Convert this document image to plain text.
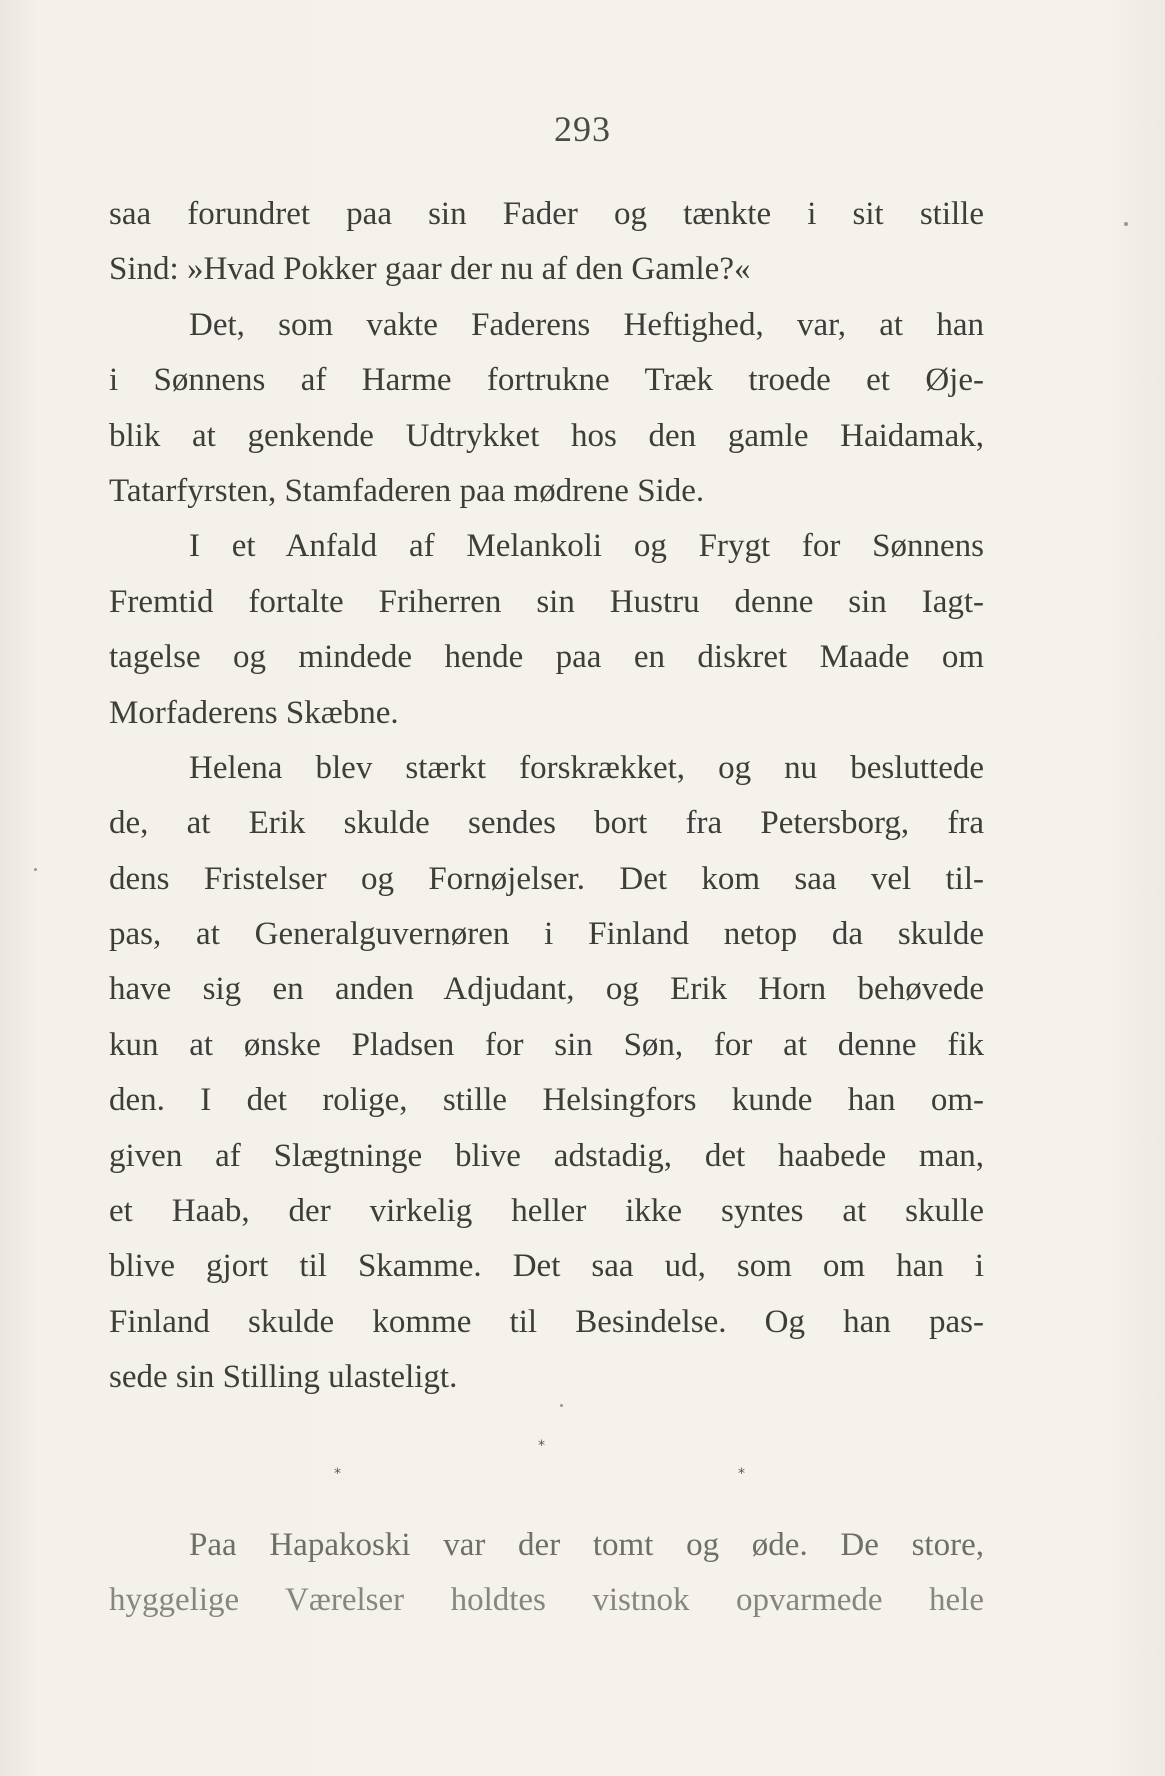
293
saa forundret paa sin Fader og tænkte i sit stille
Sind: »Hvad Pokker gaar der nu af den Gamle?«
Det, som vakte Faderens Heftighed, var, at han
i Sønnens af Harme fortrukne Træk troede et Øje-
blik at genkende Udtrykket hos den gamle Haidamak,
Tatarfyrsten, Stamfaderen paa mødrene Side.
I et Anfald af Melankoli og Frygt for Sønnens
Fremtid fortalte Friherren sin Hustru denne sin Iagt-
tagelse og mindede hende paa en diskret Maade om
Morfaderens Skæbne.
Helena blev stærkt forskrækket, og nu besluttede
de, at Erik skulde sendes bort fra Petersborg, fra
dens Fristelser og Fornøjelser. Det kom saa vel til-
pas, at Generalguvernøren i Finland netop da skulde
have sig en anden Adjudant, og Erik Horn behøvede
kun at ønske Pladsen for sin Søn, for at denne fik
den. I det rolige, stille Helsingfors kunde han om-
given af Slægtninge blive adstadig, det haabede man,
et Haab, der virkelig heller ikke syntes at skulle
blive gjort til Skamme. Det saa ud, som om han i
Finland skulde komme til Besindelse. Og han pas-
sede sin Stilling ulasteligt.
*
*	*
Paa Hapakoski var der tomt og øde. De store,
hyggelige Værelser holdtes vistnok opvarmede hele
